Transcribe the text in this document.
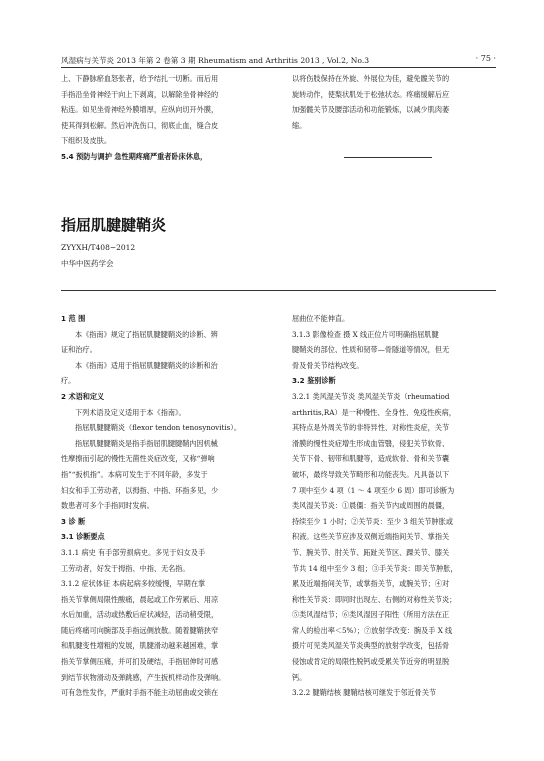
风湿病与关节炎 2013 年第 2 卷第 3 期 Rheumatism and Arthritis 2013 , Vol.2, No.3	· 75 ·

上、下静脉瘀血怒张者，给予结扎一切断。而后用

手指沿坐骨神经干向上下剥离，以解除坐骨神经的

粘连。如见坐骨神经外膜增厚，应纵向切开外膜，

使其得到松解。然后冲洗伤口，彻底止血，缝合皮

下组织及皮肤。

5.4 预防与调护 急性期疼痛严重者卧床休息，

以将伤肢保持在外旋、外展位为佳，避免髋关节的

旋转动作，使梨状肌处于松弛状态。疼痛缓解后应

加强髋关节及腰部活动和功能锻炼，以减少肌肉萎

缩。

指屈肌腱腱鞘炎
ZYYXH/T408−2012
中华中医药学会

1 范 围

本《指南》规定了指屈肌腱腱鞘炎的诊断、辨

证和治疗。

本《指南》适用于指屈肌腱腱鞘炎的诊断和治

疗。

2 术语和定义

下列术语及定义适用于本《指南》。

指屈肌腱腱鞘炎（flexor tendon tenosynovitis）。

指屈肌腱腱鞘炎是指手指屈肌腱腱鞘内因机械

性摩擦而引起的慢性无菌性炎症改变，又称“弹响

指”“扳机指”。本病可发生于不同年龄，多发于

妇女和手工劳动者，以拇指、中指、环指多见，少

数患者可多个手指同时发病。

3 诊 断

3.1 诊断要点

3.1.1 病史 有手部劳损病史。多见于妇女及手

工劳动者，好发于拇指、中指、无名指。

3.1.2 症状体征 本病起病多较缓慢，早期在掌

指关节掌侧局限性酸痛，晨起或工作劳累后、用凉

水后加重，活动或热敷后症状减轻，活动稍受限，

随后疼痛可向腕部及手指远侧放散。随着腱鞘狭窄

和肌腱变性增粗的发展，肌腱滑动越来越困难，掌

指关节掌侧压痛，并可扪及硬结，手指屈伸时可感

到结节状物滑动及弹跳感，产生扳机样动作及弹响。

可有急性发作，严重时手指不能主动屈曲或交锁在

屈曲位不能伸直。

3.1.3 影像检查 摄 X 线正位片可明确指屈肌腱

腱鞘炎的部位、性质和韧带—骨隧道等情况，但无

骨及骨关节结构改变。

3.2 鉴别诊断

3.2.1 类风湿关节炎 类风湿关节炎（rheumatiod

arthritis,RA）是一种慢性、全身性、免疫性疾病，

其特点是外周关节的非特异性、对称性炎症，关节

滑膜的慢性炎症增生形成血管翳，侵犯关节软骨、

关节下骨、韧带和肌腱等，造成软骨、骨和关节囊

破坏，最终导致关节畸形和功能丧失。凡具备以下

7 项中至少 4 项（1 ～ 4 项至少 6 周）即可诊断为

类风湿关节炎：①晨僵：指关节内或周围的晨僵，

持续至少 1 小时；②关节炎：至少 3 组关节肿胀或

积液。这些关节应涉及双侧近端指间关节、掌指关

节、腕关节、肘关节、跖趾关节区、踝关节、膝关

节共 14 组中至少 3 组；③手关节炎：即关节肿胀，

累及近端指间关节，或掌指关节，或腕关节；④对

称性关节炎：即同时出现左、右侧的对称性关节炎；

⑤类风湿结节；⑥类风湿因子阳性（所用方法在正

常人的检出率＜5%）；⑦放射学改变：腕及手 X 线

摄片可见类风湿关节炎典型的放射学改变，包括骨

侵蚀或肯定的局限性脱钙或受累关节近旁的明显脱

钙。

3.2.2 腱鞘结核 腱鞘结核可继发于邻近骨关节
